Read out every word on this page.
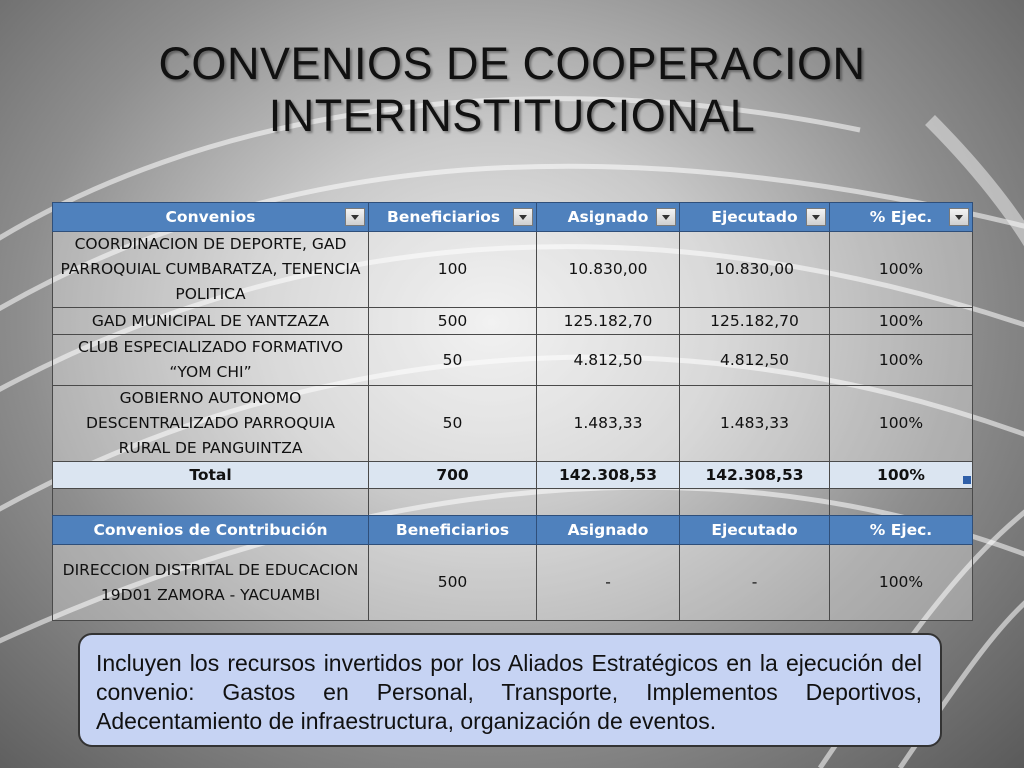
CONVENIOS DE COOPERACION
INTERINSTITUCIONAL
Convenios	Beneficiarios	Asignado	Ejecutado	% Ejec.

COORDINACION DE DEPORTE, GAD PARROQUIAL CUMBARATZA, TENENCIA POLITICA	100	10.830,00	10.830,00	100%
GAD MUNICIPAL DE YANTZAZA	500	125.182,70	125.182,70	100%
CLUB ESPECIALIZADO FORMATIVO “YOM CHI”	50	4.812,50	4.812,50	100%
GOBIERNO AUTONOMO DESCENTRALIZADO PARROQUIA RURAL DE PANGUINTZA	50	1.483,33	1.483,33	100%
Total	700	142.308,53	142.308,53	100%

Convenios de Contribución	Beneficiarios	Asignado	Ejecutado	% Ejec.
DIRECCION DISTRITAL DE EDUCACION 19D01 ZAMORA - YACUAMBI	500	-	-	100%
Incluyen los recursos invertidos por los Aliados Estratégicos en la ejecución del convenio: Gastos en Personal, Transporte, Implementos Deportivos, Adecentamiento de infraestructura, organización de eventos.
